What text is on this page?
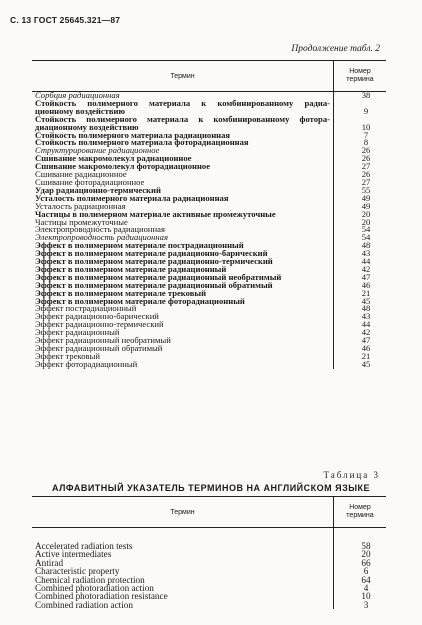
С. 13 ГОСТ 25645.321—87
Продолжение табл. 2
Термин	Номер
термина
Сорбция радиационная	38

Стойкость полимерного материала к комбинированному радиа-	

ционному воздействию	9

Стойкость полимерного материала к комбинированному фотора-	

диационному воздействию	10
Стойкость полимерного материала радиационная	7
Стойкость полимерного материала фоторадиационная	8
Структурирование радиационное	26
Сшивание макромолекул радиационное	26
Сшивание макромолекул фоторадиационное	27
Сшивание радиационное	26
Сшивание фоторадиационное	27
Удар радиационно-термический	55
Усталость полимерного материала радиационная	49
Усталость радиационная	49
Частицы в полимерном материале активные промежуточные	20
Частицы промежуточные	20
Электропроводность радиационная	54
Электропроводность радиационная	54
Эффект в полимерном материале пострадиационный	48
Эффект в полимерном материале радиационно-барический	43
Эффект в полимерном материале радиационно-термический	44
Эффект в полимерном материале радиационный	42
Эффект в полимерном материале радиационный необратимый	47
Эффект в полимерном материале радиационный обратимый	46
Эффект в полимерном материале трековый	21
Эффект в полимерном материале фоторадиационный	45
Эффект пострадиационный	48
Эффект радиационно-барический	43
Эффект радиационно-термический	44
Эффект радиационный	42
Эффект радиационный необратимый	47
Эффект радиационный обратимый	46
Эффект трековый	21
Эффект фоторадиационный	45
Таблица 3
АЛФАВИТНЫЙ УКАЗАТЕЛЬ ТЕРМИНОВ НА АНГЛИЙСКОМ ЯЗЫКЕ
Термин	Номер
термина
Accelerated radiation tests	58
Active intermediates	20
Antirad	66
Characteristic property	6
Chemical radiation protection	64
Combined photoradiation action	4
Combined photoradiation resistance	10
Combined radiation action	3
